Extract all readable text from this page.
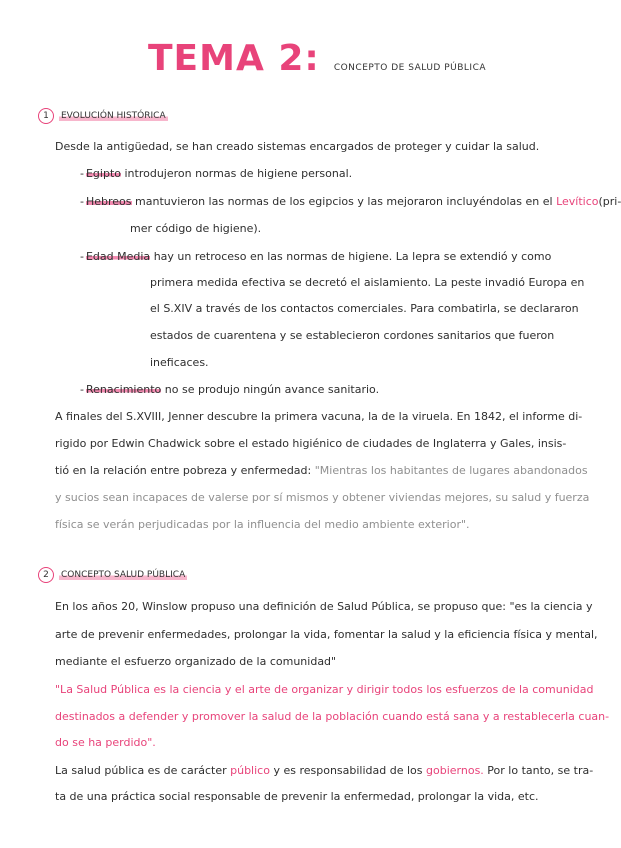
TEMA 2: CONCEPTO DE SALUD PÚBLICA
1	EVOLUCIÓN HISTÓRICA
Desde la antigüedad, se han creado sistemas encargados de proteger y cuidar la salud.
- Egipto introdujeron normas de higiene personal.
- Hebreos mantuvieron las normas de los egipcios y las mejoraron incluyéndolas en el Levítico(pri-
mer código de higiene).
- Edad Media hay un retroceso en las normas de higiene. La lepra se extendió y como
primera medida efectiva se decretó el aislamiento. La peste invadió Europa en
el S.XIV a través de los contactos comerciales. Para combatirla, se declararon
estados de cuarentena y se establecieron cordones sanitarios que fueron
ineficaces.
- Renacimiento no se produjo ningún avance sanitario.
A finales del S.XVIII, Jenner descubre la primera vacuna, la de la viruela. En 1842, el informe di-
rigido por Edwin Chadwick sobre el estado higiénico de ciudades de Inglaterra y Gales, insis-
tió en la relación entre pobreza y enfermedad: "Mientras los habitantes de lugares abandonados
y sucios sean incapaces de valerse por sí mismos y obtener viviendas mejores, su salud y fuerza
física se verán perjudicadas por la influencia del medio ambiente exterior".
2	CONCEPTO SALUD PÚBLICA
En los años 20, Winslow propuso una definición de Salud Pública, se propuso que: "es la ciencia y
arte de prevenir enfermedades, prolongar la vida, fomentar la salud y la eficiencia física y mental,
mediante el esfuerzo organizado de la comunidad"
"La Salud Pública es la ciencia y el arte de organizar y dirigir todos los esfuerzos de la comunidad
destinados a defender y promover la salud de la población cuando está sana y a restablecerla cuan-
do se ha perdido".
La salud pública es de carácter público y es responsabilidad de los gobiernos. Por lo tanto, se tra-
ta de una práctica social responsable de prevenir la enfermedad, prolongar la vida, etc.
